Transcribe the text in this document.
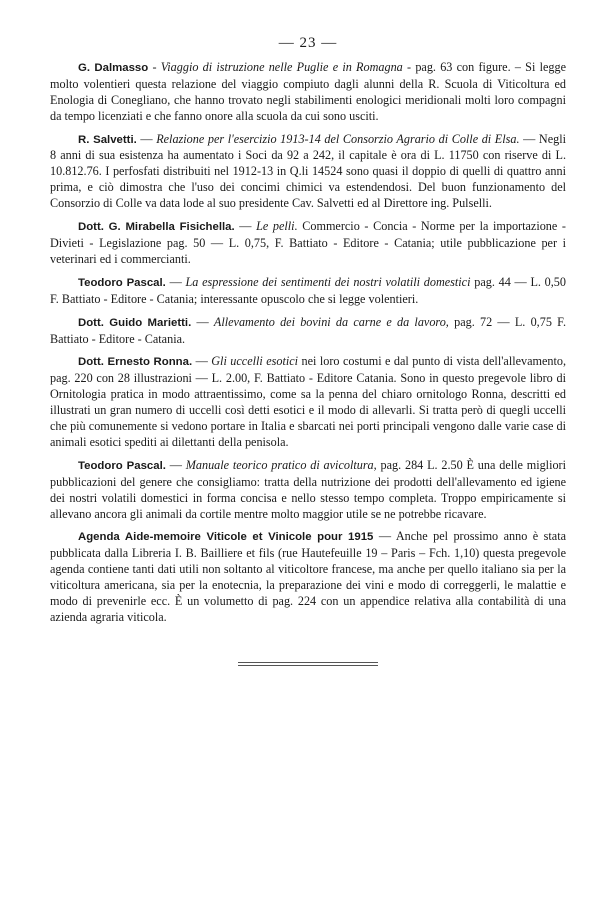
— 23 —
G. Dalmasso - Viaggio di istruzione nelle Puglie e in Romagna - pag. 63 con figure. – Si legge molto volentieri questa relazione del viaggio compiuto dagli alunni della R. Scuola di Viticoltura ed Enologia di Conegliano, che hanno trovato negli stabilimenti enologici meridionali molti loro compagni da tempo licenziati e che fanno onore alla scuola da cui sono usciti.
R. Salvetti. — Relazione per l'esercizio 1913-14 del Consorzio Agrario di Colle di Elsa. — Negli 8 anni di sua esistenza ha aumentato i Soci da 92 a 242, il capitale è ora di L. 11750 con riserve di L. 10.812.76. I perfosfati distribuiti nel 1912-13 in Q.li 14524 sono quasi il doppio di quelli di quattro anni prima, e ciò dimostra che l'uso dei concimi chimici va estendendosi. Del buon funzionamento del Consorzio di Colle va data lode al suo presidente Cav. Salvetti ed al Direttore ing. Pulselli.
Dott. G. Mirabella Fisichella. — Le pelli. Commercio - Concia - Norme per la importazione - Divieti - Legislazione pag. 50 — L. 0,75, F. Battiato - Editore - Catania; utile pubblicazione per i veterinari ed i commercianti.
Teodoro Pascal. — La espressione dei sentimenti dei nostri volatili domestici pag. 44 — L. 0,50 F. Battiato - Editore - Catania; interessante opuscolo che si legge volentieri.
Dott. Guido Marietti. — Allevamento dei bovini da carne e da lavoro, pag. 72 — L. 0,75 F. Battiato - Editore - Catania.
Dott. Ernesto Ronna. — Gli uccelli esotici nei loro costumi e dal punto di vista dell'allevamento, pag. 220 con 28 illustrazioni — L. 2.00, F. Battiato - Editore Catania. Sono in questo pregevole libro di Ornitologia pratica in modo attraentissimo, come sa la penna del chiaro ornitologo Ronna, descritti ed illustrati un gran numero di uccelli così detti esotici e il modo di allevarli. Si tratta però di quegli uccelli che più comunemente si vedono portare in Italia e sbarcati nei porti principali vengono dalle varie case di animali esotici spediti ai dilettanti della penisola.
Teodoro Pascal. — Manuale teorico pratico di avicoltura, pag. 284 L. 2.50 È una delle migliori pubblicazioni del genere che consigliamo: tratta della nutrizione dei prodotti dell'allevamento ed igiene dei nostri volatili domestici in forma concisa e nello stesso tempo completa. Troppo empiricamente si allevano ancora gli animali da cortile mentre molto maggior utile se ne potrebbe ricavare.
Agenda Aide-memoire Viticole et Vinicole pour 1915 — Anche pel prossimo anno è stata pubblicata dalla Libreria I. B. Bailliere et fils (rue Hautefeuille 19 – Paris – Fch. 1,10) questa pregevole agenda contiene tanti dati utili non soltanto al viticoltore francese, ma anche per quello italiano sia per la viticoltura americana, sia per la enotecnia, la preparazione dei vini e modo di correggerli, le malattie e modo di prevenirle ecc. È un volumetto di pag. 224 con un appendice relativa alla contabilità di una azienda agraria viticola.
